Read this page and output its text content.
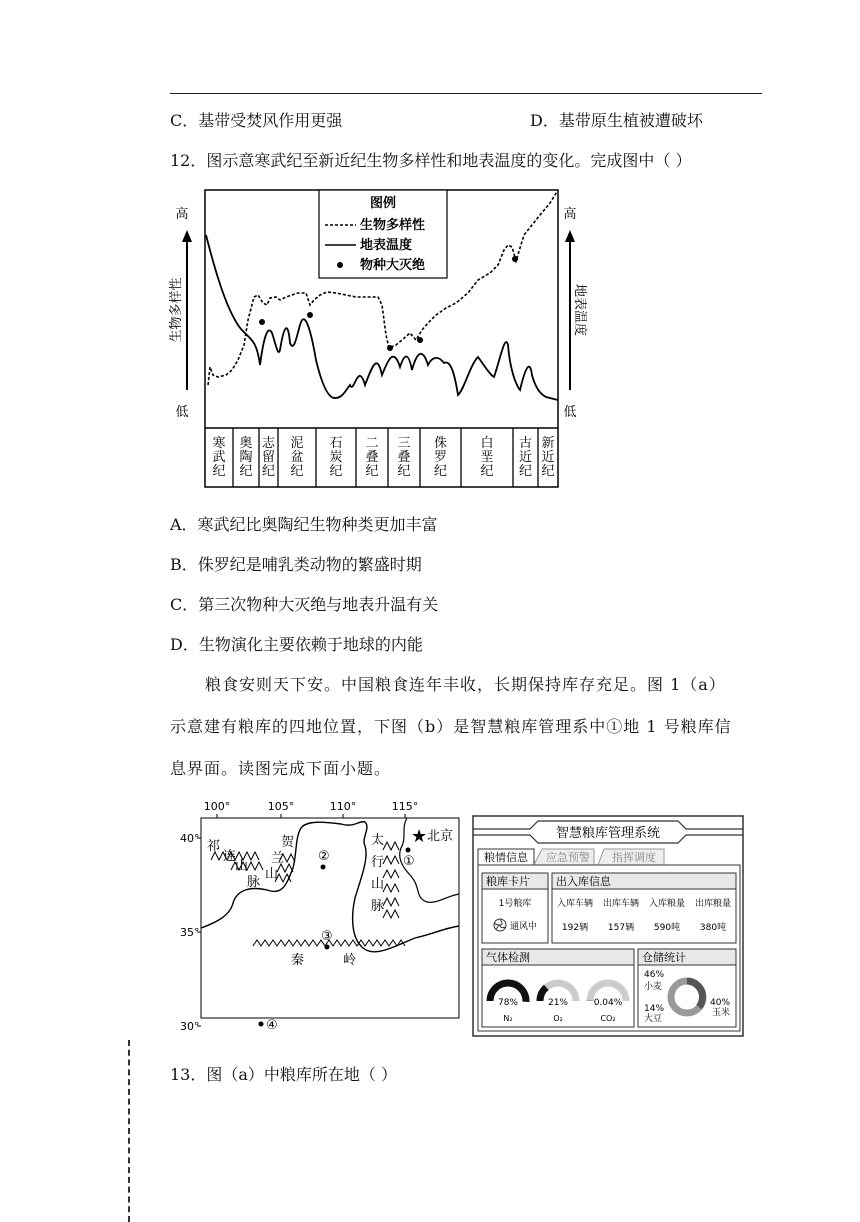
C．基带受焚风作用更强	D．基带原生植被遭破坏
12．图示意寒武纪至新近纪生物多样性和地表温度的变化。完成图中（ ）
高
低
高
低
生物多样性	地表温度
寒武纪
奥陶纪
志留纪
泥盆纪
石炭纪
二叠纪
三叠纪
侏罗纪
白垩纪
古近纪
新近纪
图例
生物多样性
地表温度
物种大灭绝
A．寒武纪比奥陶纪生物种类更加丰富
B．侏罗纪是哺乳类动物的繁盛时期
C．第三次物种大灭绝与地表升温有关
D．生物演化主要依赖于地球的内能
粮食安则天下安。中国粮食连年丰收，长期保持库存充足。图 1（a）
示意建有粮库的四地位置，下图（b）是智慧粮库管理系中①地 1 号粮库信
息界面。读图完成下面小题。
100°	105°	110°	115°
40°
35°
30°
祁
连
山
脉
贺
兰
山
太
行
山
脉
秦	岭
★ 北京
①
②
③
④
智慧粮库管理系统
粮情信息 应急预警 指挥调度
粮库卡片
1号粮库
通风中
出入库信息
入库车辆 出库车辆 入库粮量 出库粮量
192辆 157辆 590吨 380吨
气体检测
78%
N₂
21%
O₂
0.04%
CO₂
仓储统计
46%
小麦
14%
大豆
40%
玉米
13．图（a）中粮库所在地（ ）
